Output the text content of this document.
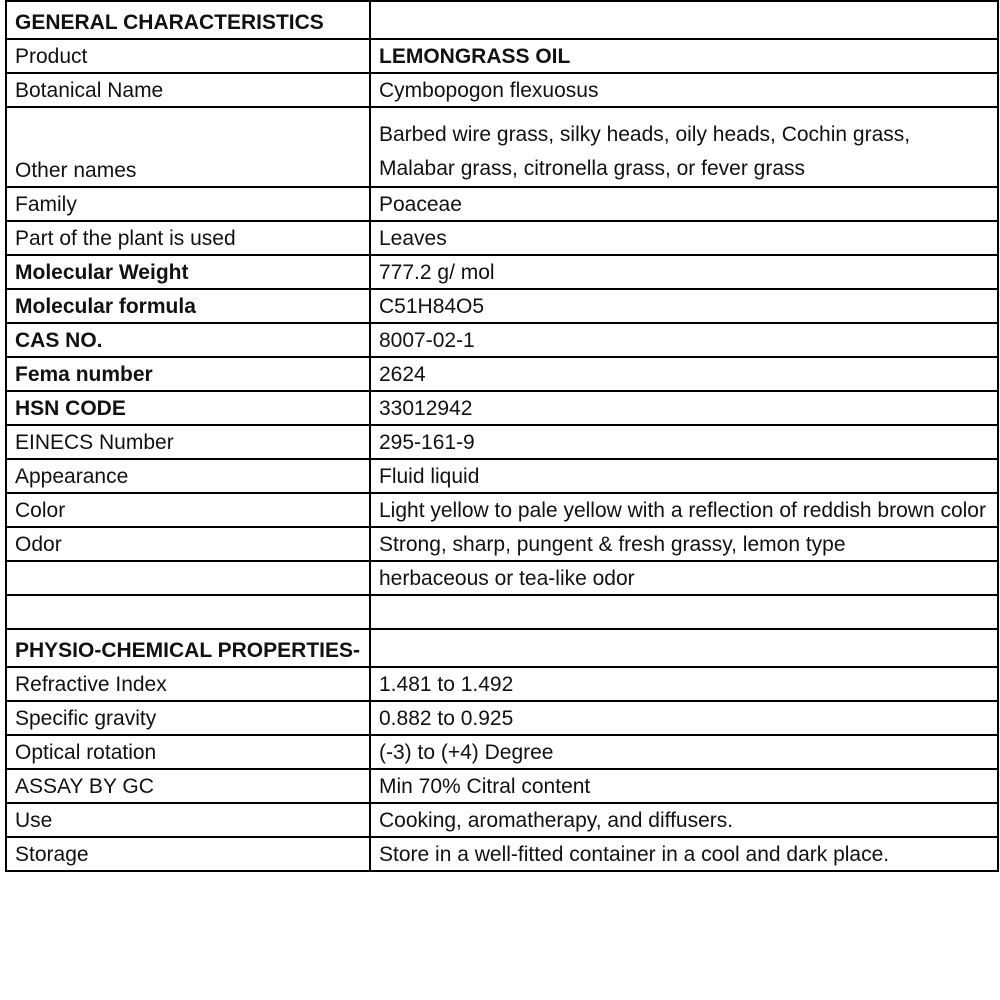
GENERAL CHARACTERISTICS	
Product	LEMONGRASS OIL
Botanical Name	Cymbopogon flexuosus
Other names	Barbed wire grass, silky heads, oily heads, Cochin grass,
Malabar grass, citronella grass, or fever grass

Family	Poaceae
Part of the plant is used	Leaves
Molecular Weight	777.2 g/ mol
Molecular formula	C51H84O5
CAS NO.	8007-02-1
Fema number	2624
HSN CODE	33012942
EINECS Number	295-161-9
Appearance	Fluid liquid
Color	Light yellow to pale yellow with a reflection of reddish brown color
Odor	Strong, sharp, pungent & fresh grassy, lemon type
	herbaceous or tea-like odor

PHYSIO-CHEMICAL PROPERTIES-	
Refractive Index	1.481 to 1.492
Specific gravity	0.882 to 0.925
Optical rotation	(-3) to (+4) Degree
ASSAY BY GC	Min 70% Citral content
Use	Cooking, aromatherapy, and diffusers.
Storage	Store in a well-fitted container in a cool and dark place.
